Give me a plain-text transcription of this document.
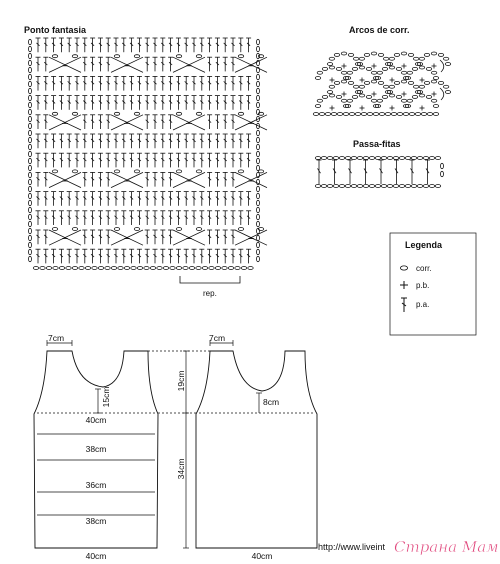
Ponto fantasia
rep.
Arcos de corr.
Passa-fitas
Legenda
corr.
p.b.
p.a.
7cm
15cm
40cm
38cm
36cm
38cm
40cm
19cm
34cm
7cm
8cm
40cm
http://www.liveint Страна Мам
